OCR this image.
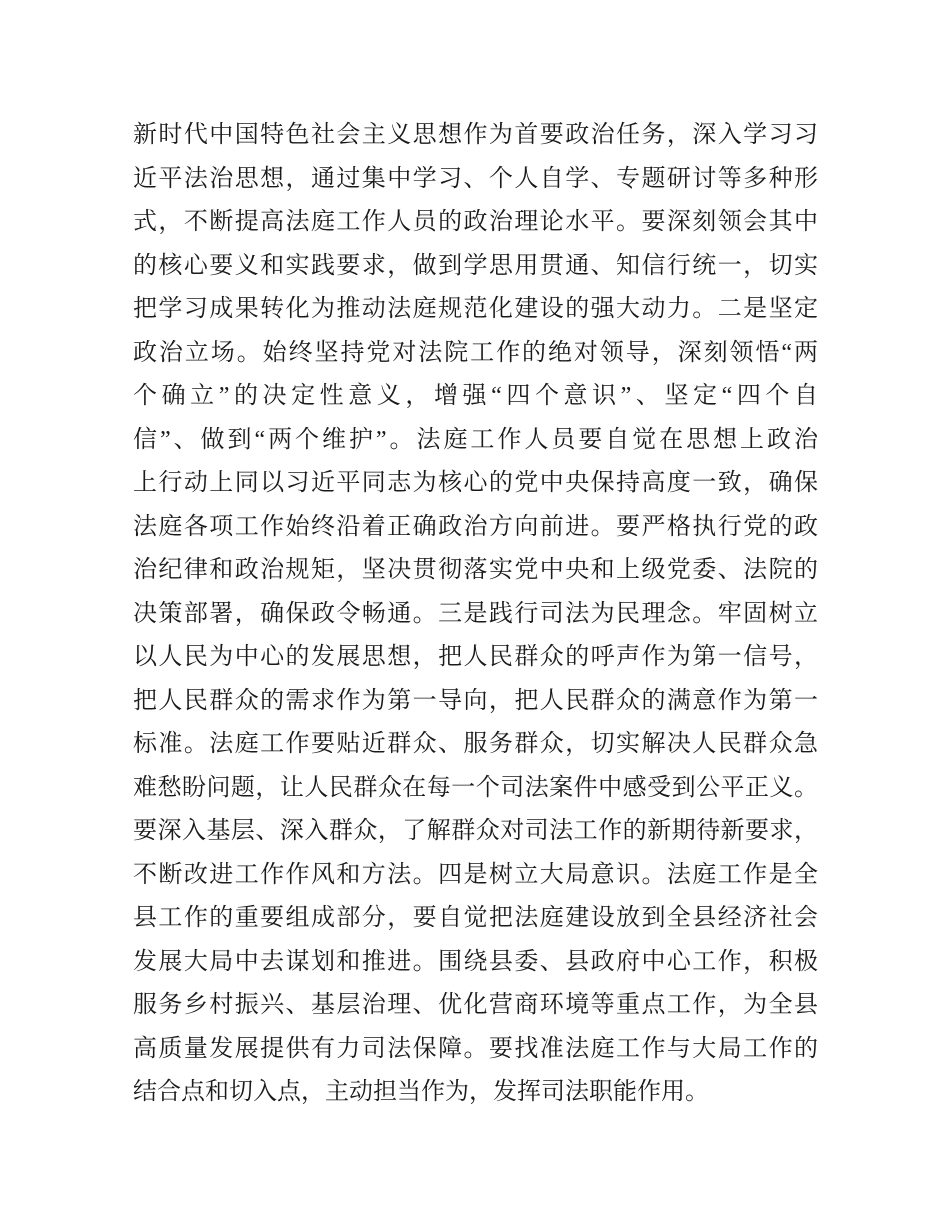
新时代中国特色社会主义思想作为首要政治任务，深入学习习
近平法治思想，通过集中学习、个人自学、专题研讨等多种形
式，不断提高法庭工作人员的政治理论水平。要深刻领会其中
的核心要义和实践要求，做到学思用贯通、知信行统一，切实
把学习成果转化为推动法庭规范化建设的强大动力。二是坚定
政治立场。始终坚持党对法院工作的绝对领导，深刻领悟“两
个确立”的决定性意义，增强“四个意识”、坚定“四个自
信”、做到“两个维护”。法庭工作人员要自觉在思想上政治
上行动上同以习近平同志为核心的党中央保持高度一致，确保
法庭各项工作始终沿着正确政治方向前进。要严格执行党的政
治纪律和政治规矩，坚决贯彻落实党中央和上级党委、法院的
决策部署，确保政令畅通。三是践行司法为民理念。牢固树立
以人民为中心的发展思想，把人民群众的呼声作为第一信号，
把人民群众的需求作为第一导向，把人民群众的满意作为第一
标准。法庭工作要贴近群众、服务群众，切实解决人民群众急
难愁盼问题，让人民群众在每一个司法案件中感受到公平正义。
要深入基层、深入群众，了解群众对司法工作的新期待新要求，
不断改进工作作风和方法。四是树立大局意识。法庭工作是全
县工作的重要组成部分，要自觉把法庭建设放到全县经济社会
发展大局中去谋划和推进。围绕县委、县政府中心工作，积极
服务乡村振兴、基层治理、优化营商环境等重点工作，为全县
高质量发展提供有力司法保障。要找准法庭工作与大局工作的
结合点和切入点，主动担当作为，发挥司法职能作用。
